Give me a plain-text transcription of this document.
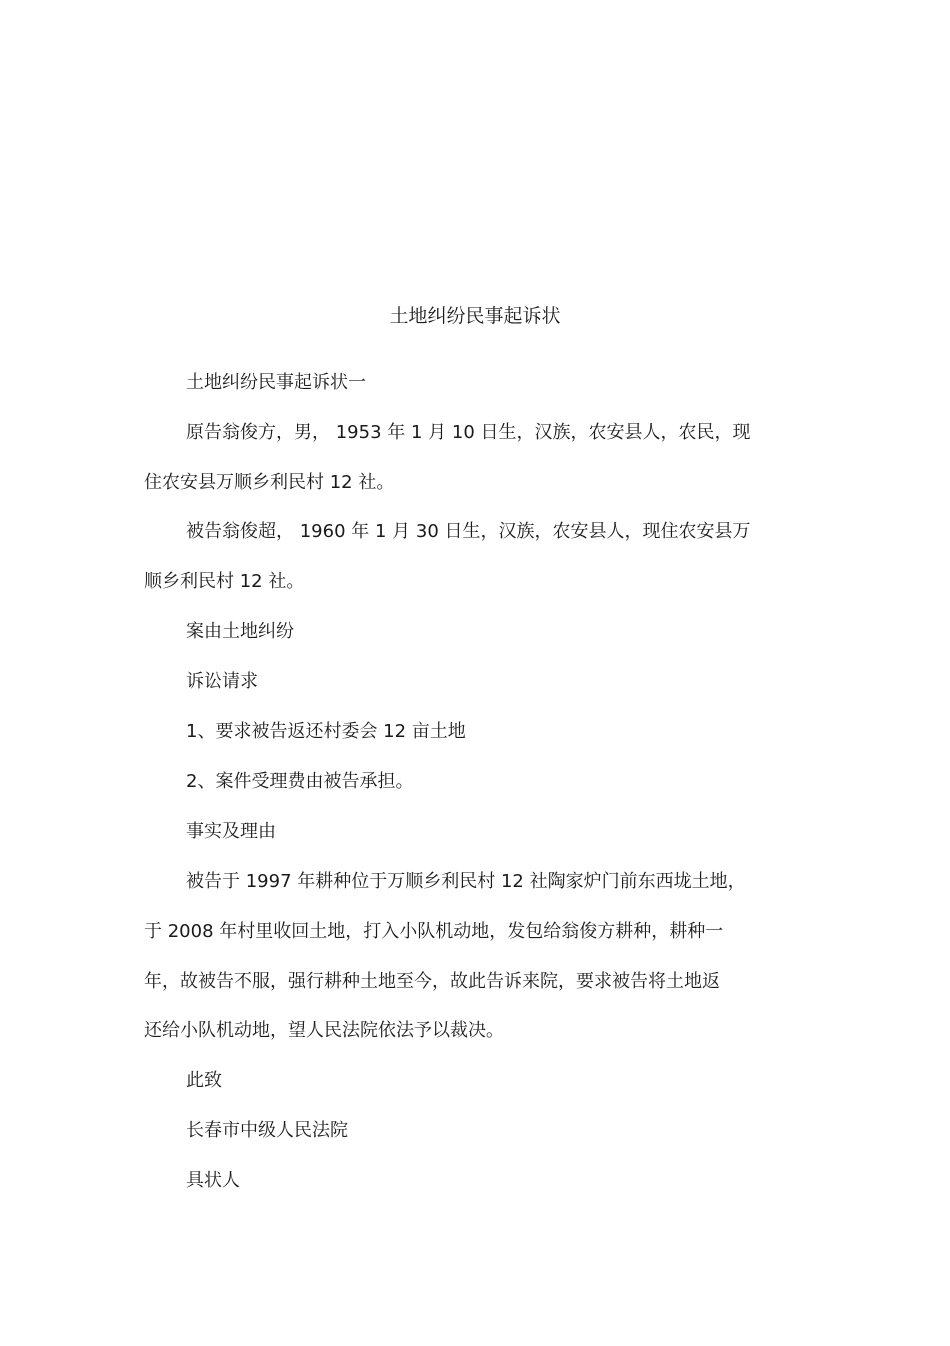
土地纠纷民事起诉状
土地纠纷民事起诉状一
原告翁俊方，男， 1953 年 1 月 10 日生，汉族，农安县人，农民，现
住农安县万顺乡利民村 12 社。
被告翁俊超， 1960 年 1 月 30 日生，汉族，农安县人，现住农安县万
顺乡利民村 12 社。
案由土地纠纷
诉讼请求
1、要求被告返还村委会 12 亩土地
2、案件受理费由被告承担。
事实及理由
被告于 1997 年耕种位于万顺乡利民村 12 社陶家炉门前东西垅土地，
于 2008 年村里收回土地，打入小队机动地，发包给翁俊方耕种，耕种一
年，故被告不服，强行耕种土地至今，故此告诉来院，要求被告将土地返
还给小队机动地，望人民法院依法予以裁决。
此致
长春市中级人民法院
具状人
